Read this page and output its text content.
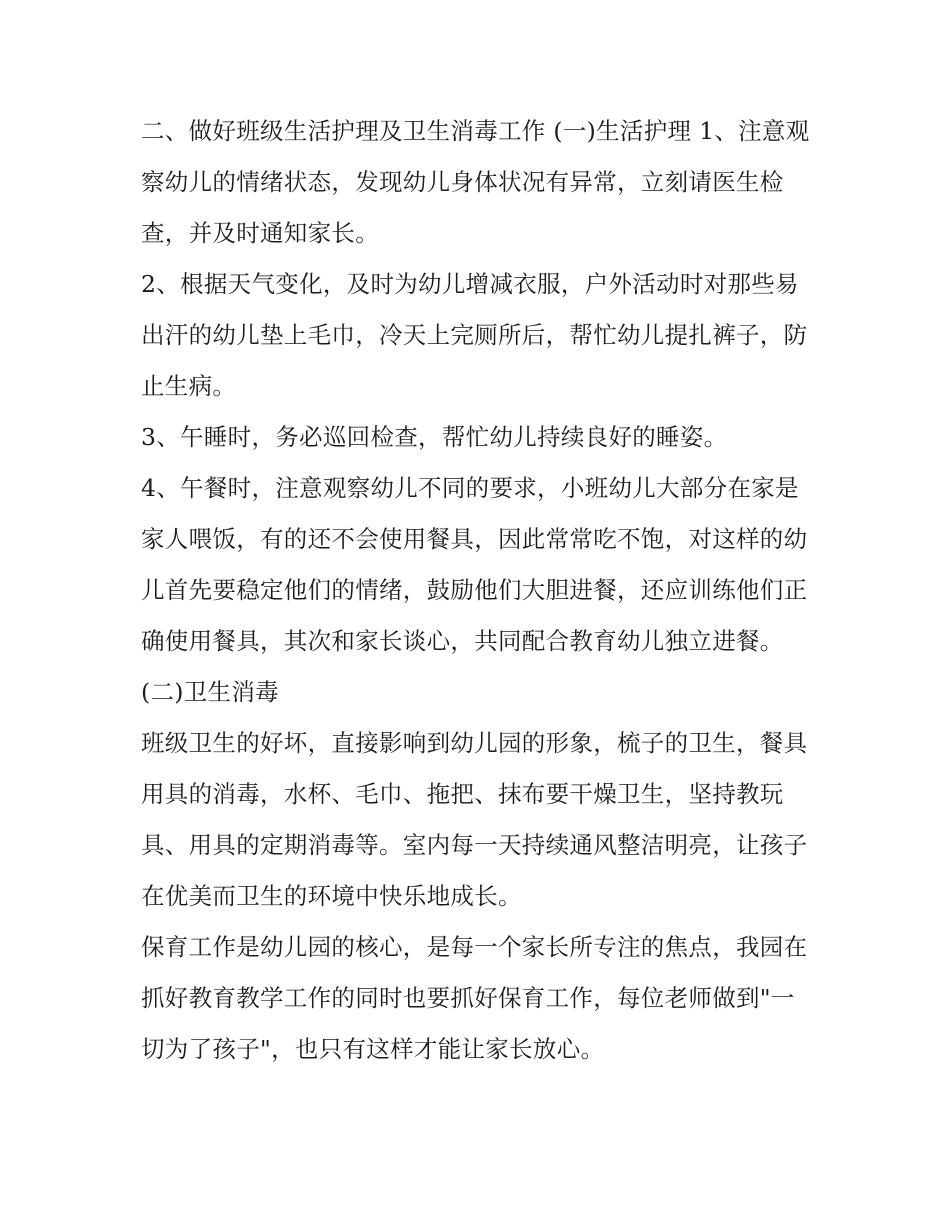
二、做好班级生活护理及卫生消毒工作 (一)生活护理 1、注意观察幼儿的情绪状态，发现幼儿身体状况有异常，立刻请医生检查，并及时通知家长。

2、根据天气变化，及时为幼儿增减衣服，户外活动时对那些易出汗的幼儿垫上毛巾，冷天上完厕所后，帮忙幼儿提扎裤子，防止生病。

3、午睡时，务必巡回检查，帮忙幼儿持续良好的睡姿。

4、午餐时，注意观察幼儿不同的要求，小班幼儿大部分在家是家人喂饭，有的还不会使用餐具，因此常常吃不饱，对这样的幼儿首先要稳定他们的情绪，鼓励他们大胆进餐，还应训练他们正确使用餐具，其次和家长谈心，共同配合教育幼儿独立进餐。

(二)卫生消毒

班级卫生的好坏，直接影响到幼儿园的形象，梳子的卫生，餐具用具的消毒，水杯、毛巾、拖把、抹布要干燥卫生，坚持教玩具、用具的定期消毒等。室内每一天持续通风整洁明亮，让孩子在优美而卫生的环境中快乐地成长。

保育工作是幼儿园的核心，是每一个家长所专注的焦点，我园在抓好教育教学工作的同时也要抓好保育工作，每位老师做到"一切为了孩子"，也只有这样才能让家长放心。
